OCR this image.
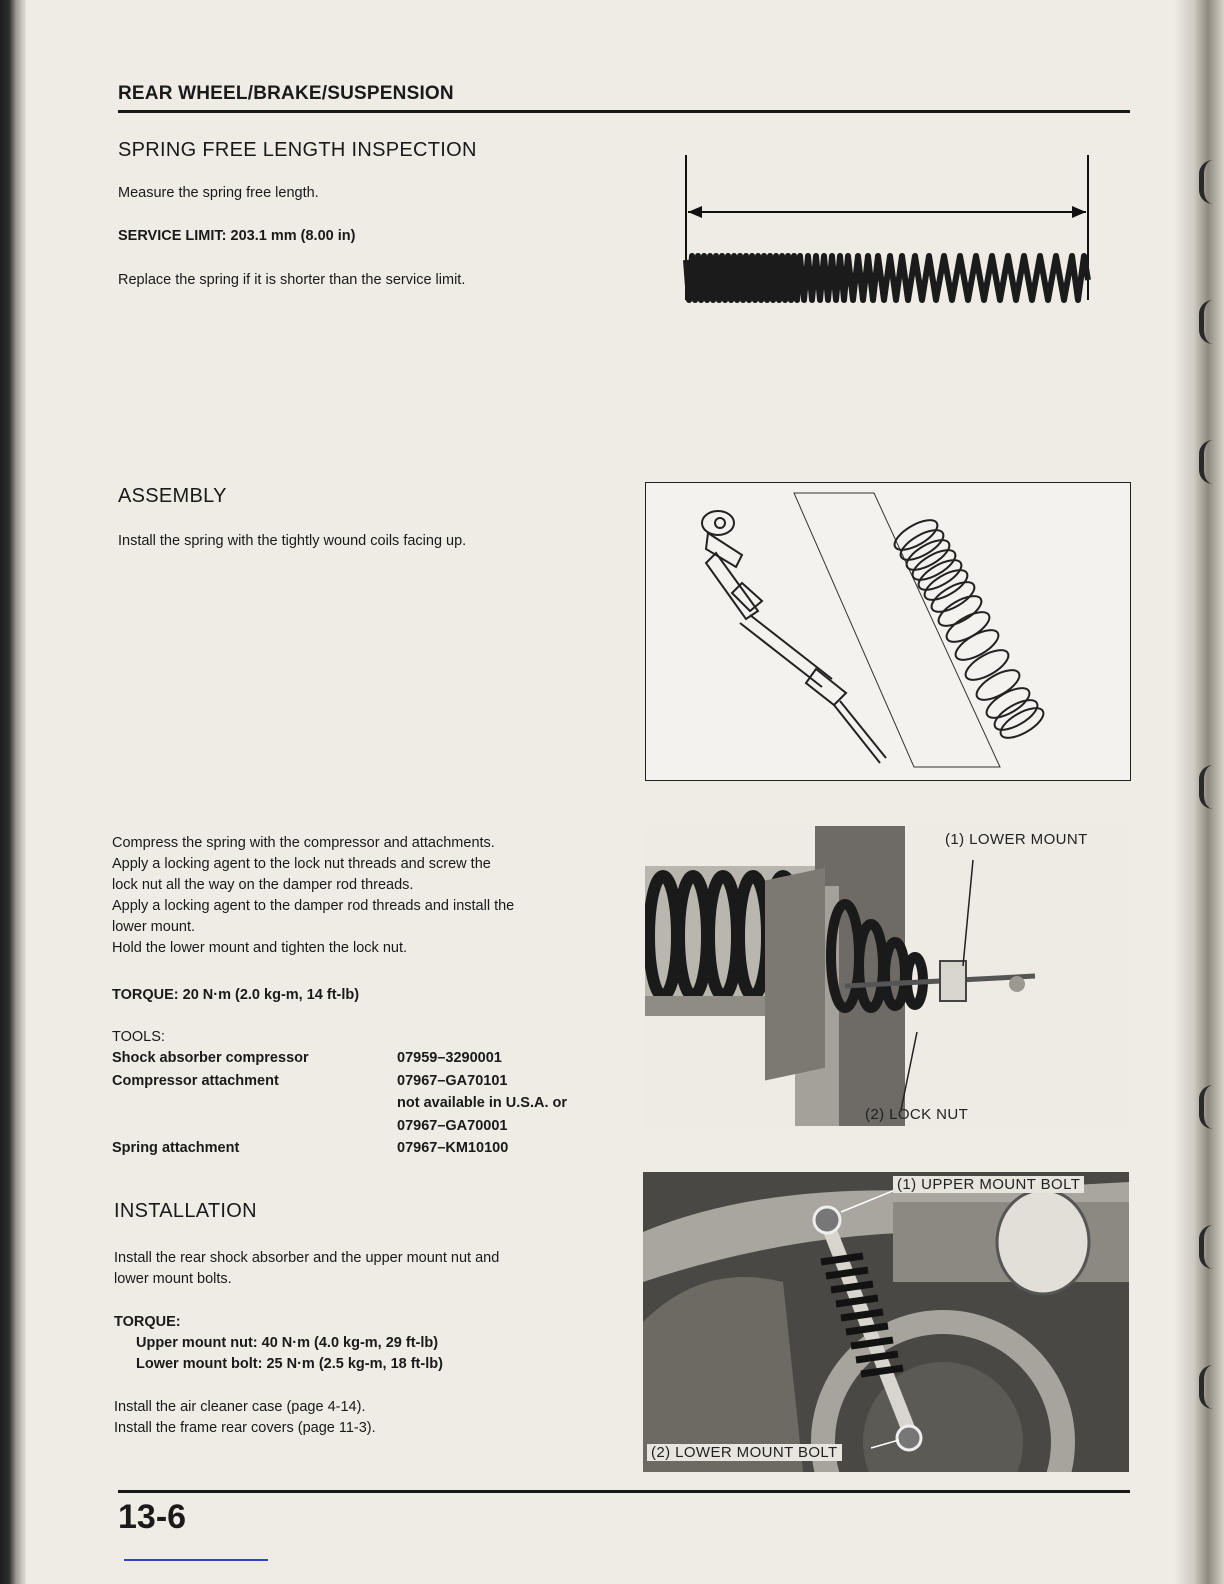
REAR WHEEL/BRAKE/SUSPENSION
SPRING FREE LENGTH INSPECTION
Measure the spring free length.
SERVICE LIMIT: 203.1 mm (8.00 in)
Replace the spring if it is shorter than the service limit.
ASSEMBLY
Install the spring with the tightly wound coils facing up.
Compress the spring with the compressor and attachments.
Apply a locking agent to the lock nut threads and screw the
lock nut all the way on the damper rod threads.
Apply a locking agent to the damper rod threads and install the
lower mount.
Hold the lower mount and tighten the lock nut.
TORQUE: 20 N·m (2.0 kg-m, 14 ft-lb)
TOOLS:
Shock absorber compressor	07959–3290001
Compressor attachment	07967–GA70101
not available in U.S.A. or
07967–GA70001
Spring attachment	07967–KM10100
(1) LOWER MOUNT
(2) LOCK NUT
INSTALLATION
Install the rear shock absorber and the upper mount nut and
lower mount bolts.
TORQUE:
Upper mount nut: 40 N·m (4.0 kg-m, 29 ft-lb)
Lower mount bolt: 25 N·m (2.5 kg-m, 18 ft-lb)
Install the air cleaner case (page 4-14).
Install the frame rear covers (page 11-3).
(1) UPPER MOUNT BOLT
(2) LOWER MOUNT BOLT
13-6
